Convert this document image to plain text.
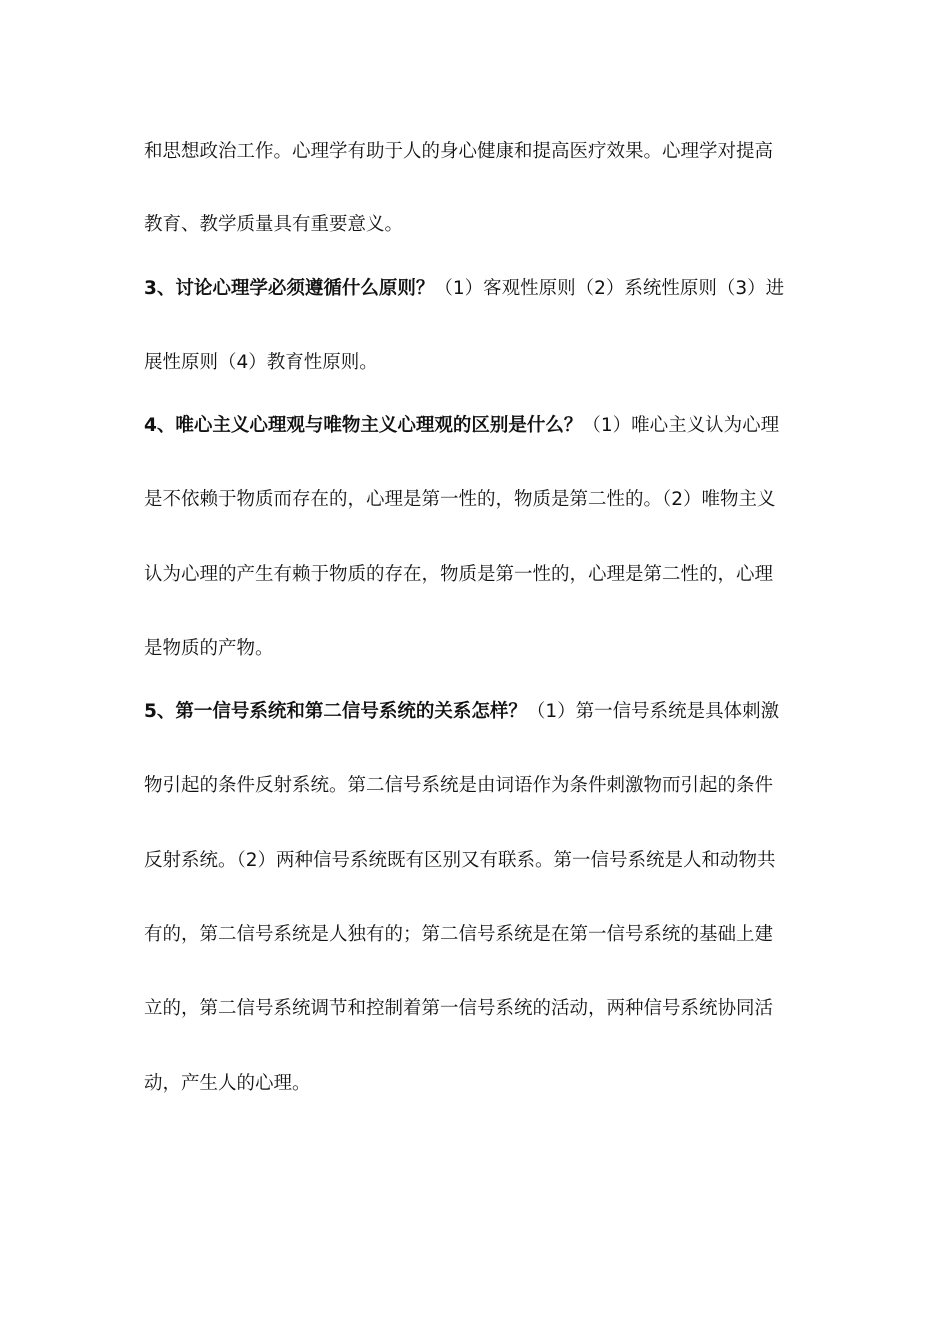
和思想政治工作。心理学有助于人的身心健康和提高医疗效果。心理学对提高
教育、教学质量具有重要意义。
3、讨论心理学必须遵循什么原则？（1）客观性原则（2）系统性原则（3）进
展性原则（4）教育性原则。
4、唯心主义心理观与唯物主义心理观的区别是什么？（1）唯心主义认为心理
是不依赖于物质而存在的，心理是第一性的，物质是第二性的。（2）唯物主义
认为心理的产生有赖于物质的存在，物质是第一性的，心理是第二性的，心理
是物质的产物。
5、第一信号系统和第二信号系统的关系怎样？（1）第一信号系统是具体刺激
物引起的条件反射系统。第二信号系统是由词语作为条件刺激物而引起的条件
反射系统。（2）两种信号系统既有区别又有联系。第一信号系统是人和动物共
有的，第二信号系统是人独有的；第二信号系统是在第一信号系统的基础上建
立的，第二信号系统调节和控制着第一信号系统的活动，两种信号系统协同活
动，产生人的心理。
